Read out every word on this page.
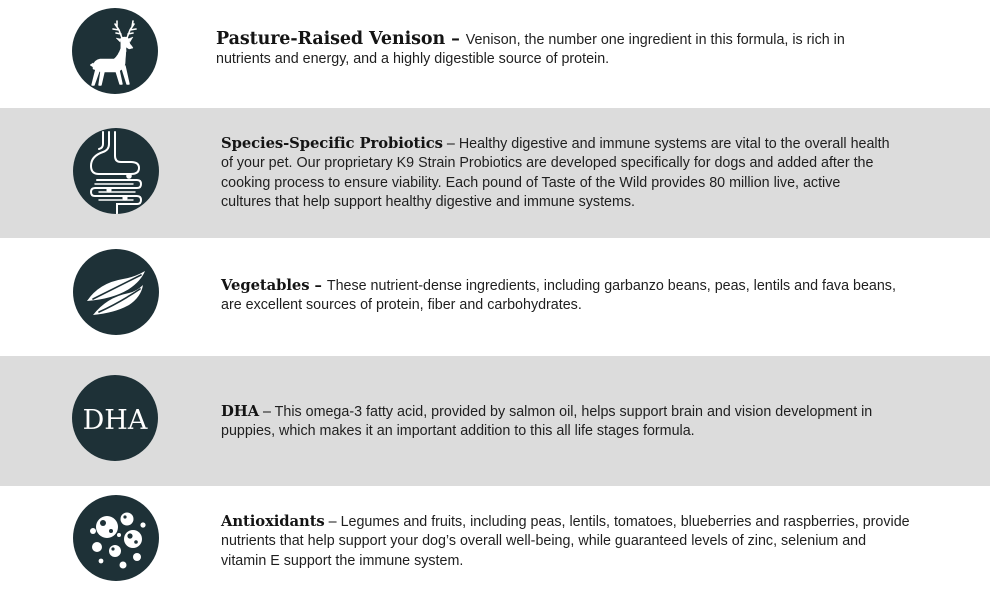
Pasture-Raised Venison – Venison, the number one ingredient in this formula, is rich in nutrients and energy, and a highly digestible source of protein.
Species-Specific Probiotics – Healthy digestive and immune systems are vital to the overall health of your pet. Our proprietary K9 Strain Probiotics are developed specifically for dogs and added after the cooking process to ensure viability. Each pound of Taste of the Wild provides 80 million live, active cultures that help support healthy digestive and immune systems.
Vegetables – These nutrient-dense ingredients, including garbanzo beans, peas, lentils and fava beans, are excellent sources of protein, fiber and carbohydrates.
DHA	DHA – This omega-3 fatty acid, provided by salmon oil, helps support brain and vision development in puppies, which makes it an important addition to this all life stages formula.
Antioxidants – Legumes and fruits, including peas, lentils, tomatoes, blueberries and raspberries, provide nutrients that help support your dog’s overall well-being, while guaranteed levels of zinc, selenium and vitamin E support the immune system.
